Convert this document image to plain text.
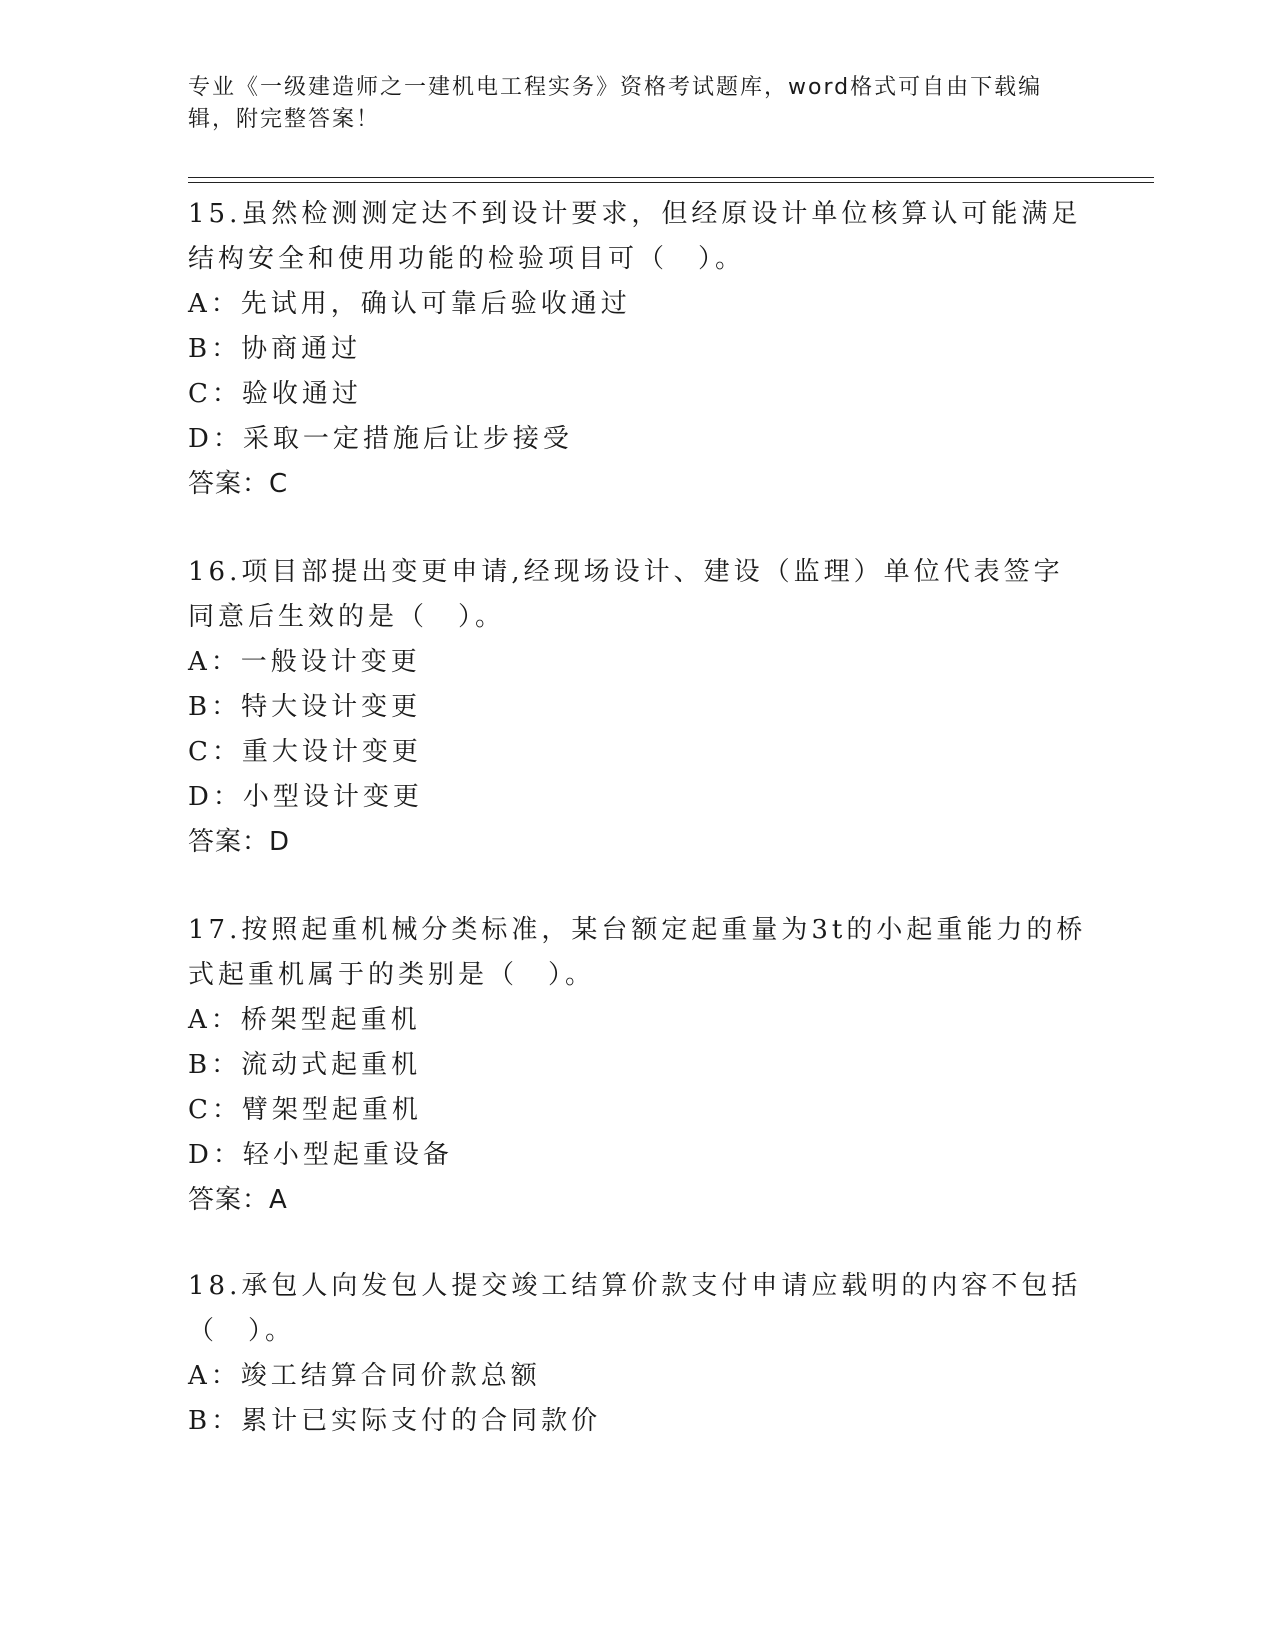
专业《一级建造师之一建机电工程实务》资格考试题库，word格式可自由下载编辑，附完整答案！

15.虽然检测测定达不到设计要求，但经原设计单位核算认可能满足结构安全和使用功能的检验项目可（　）。

A：先试用，确认可靠后验收通过

B：协商通过

C：验收通过

D：采取一定措施后让步接受

答案：C

16.项目部提出变更申请,经现场设计、建设（监理）单位代表签字同意后生效的是（　）。

A：一般设计变更

B：特大设计变更

C：重大设计变更

D：小型设计变更

答案：D

17.按照起重机械分类标准，某台额定起重量为3t的小起重能力的桥式起重机属于的类别是（　）。

A：桥架型起重机

B：流动式起重机

C：臂架型起重机

D：轻小型起重设备

答案：A

18.承包人向发包人提交竣工结算价款支付申请应载明的内容不包括（　）。

A：竣工结算合同价款总额

B：累计已实际支付的合同款价
